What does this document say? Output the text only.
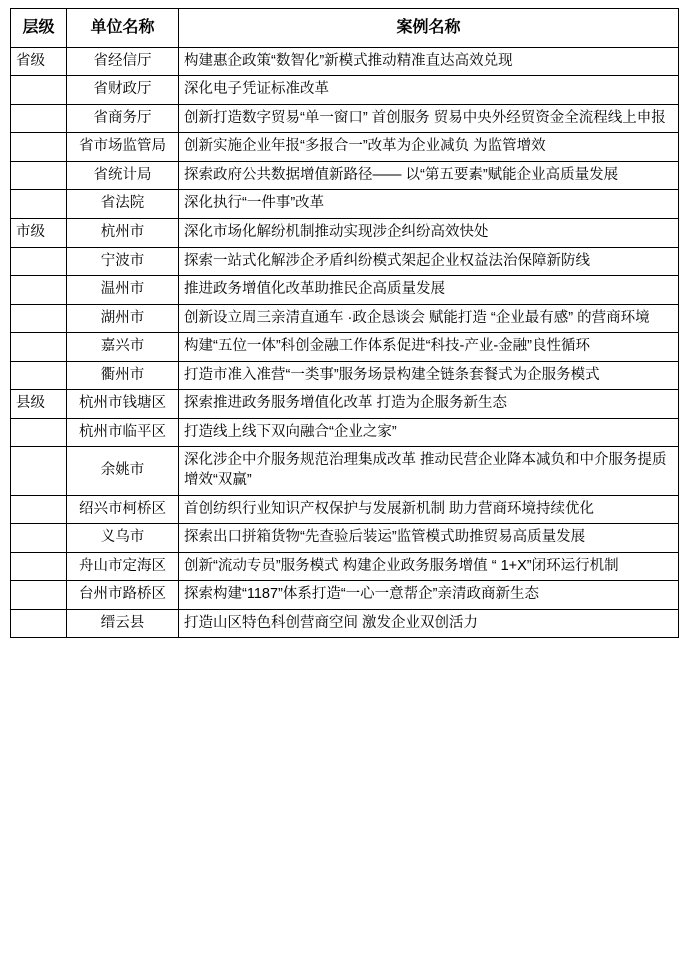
层级	单位名称	案例名称
省级	省经信厅	构建惠企政策“数智化”新模式推动精准直达高效兑现
	省财政厅	深化电子凭证标准改革
	省商务厅	创新打造数字贸易“单一窗口” 首创服务 贸易中央外经贸资金全流程线上申报
	省市场监管局	创新实施企业年报“多报合一”改革为企业减负 为监管增效
	省统计局	探索政府公共数据增值新路径—— 以“第五要素”赋能企业高质量发展
	省法院	深化执行“一件事”改革
市级	杭州市	深化市场化解纷机制推动实现涉企纠纷高效快处
	宁波市	探索一站式化解涉企矛盾纠纷模式架起企业权益法治保障新防线
	温州市	推进政务增值化改革助推民企高质量发展
	湖州市	创新设立周三亲清直通车 ·政企恳谈会 赋能打造 “企业最有感” 的营商环境
	嘉兴市	构建“五位一体”科创金融工作体系促进“科技-产业-金融”良性循环
	衢州市	打造市准入准营“一类事”服务场景构建全链条套餐式为企服务模式
县级	杭州市钱塘区	探索推进政务服务增值化改革 打造为企服务新生态
	杭州市临平区	打造线上线下双向融合“企业之家”
	余姚市	深化涉企中介服务规范治理集成改革 推动民营企业降本减负和中介服务提质增效“双赢”
	绍兴市柯桥区	首创纺织行业知识产权保护与发展新机制 助力营商环境持续优化
	义乌市	探索出口拼箱货物“先查验后装运”监管模式助推贸易高质量发展
	舟山市定海区	创新“流动专员”服务模式 构建企业政务服务增值 “ 1+X”闭环运行机制
	台州市路桥区	探索构建“1187”体系打造“一心一意帮企”亲清政商新生态
	缙云县	打造山区特色科创营商空间 激发企业双创活力
